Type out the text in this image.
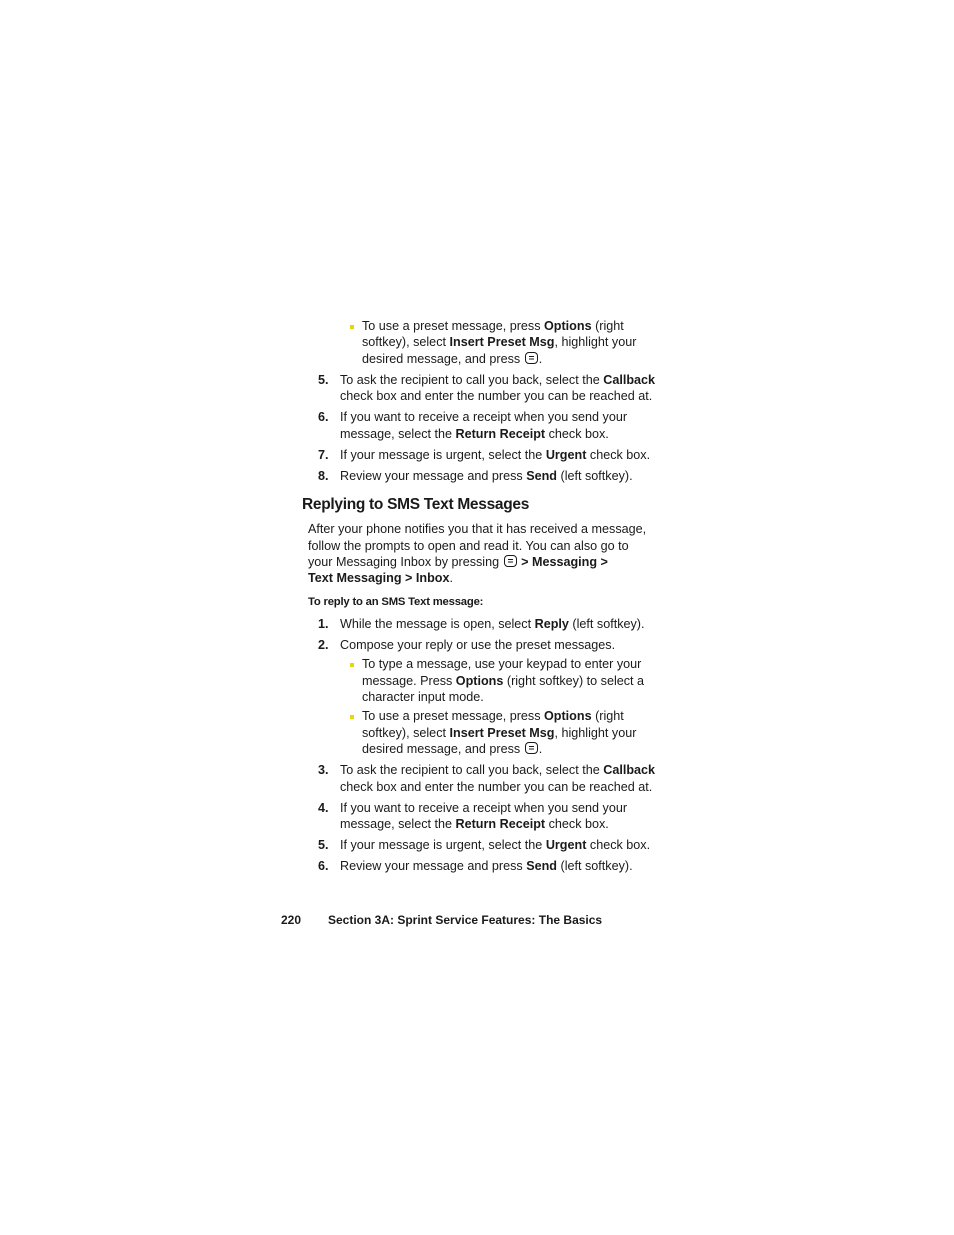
To use a preset message, press Options (right
softkey), select Insert Preset Msg, highlight your
desired message, and press .
5. To ask the recipient to call you back, select the Callback
check box and enter the number you can be reached at.
6. If you want to receive a receipt when you send your
message, select the Return Receipt check box.
7. If your message is urgent, select the Urgent check box.
8. Review your message and press Send (left softkey).
Replying to SMS Text Messages
After your phone notifies you that it has received a message,
follow the prompts to open and read it. You can also go to
your Messaging Inbox by pressing  > Messaging >
Text Messaging > Inbox.
To reply to an SMS Text message:
1. While the message is open, select Reply (left softkey).
2. Compose your reply or use the preset messages.
To type a message, use your keypad to enter your
message. Press Options (right softkey) to select a
character input mode.
To use a preset message, press Options (right
softkey), select Insert Preset Msg, highlight your
desired message, and press .
3. To ask the recipient to call you back, select the Callback
check box and enter the number you can be reached at.
4. If you want to receive a receipt when you send your
message, select the Return Receipt check box.
5. If your message is urgent, select the Urgent check box.
6. Review your message and press Send (left softkey).
220 Section 3A: Sprint Service Features: The Basics
